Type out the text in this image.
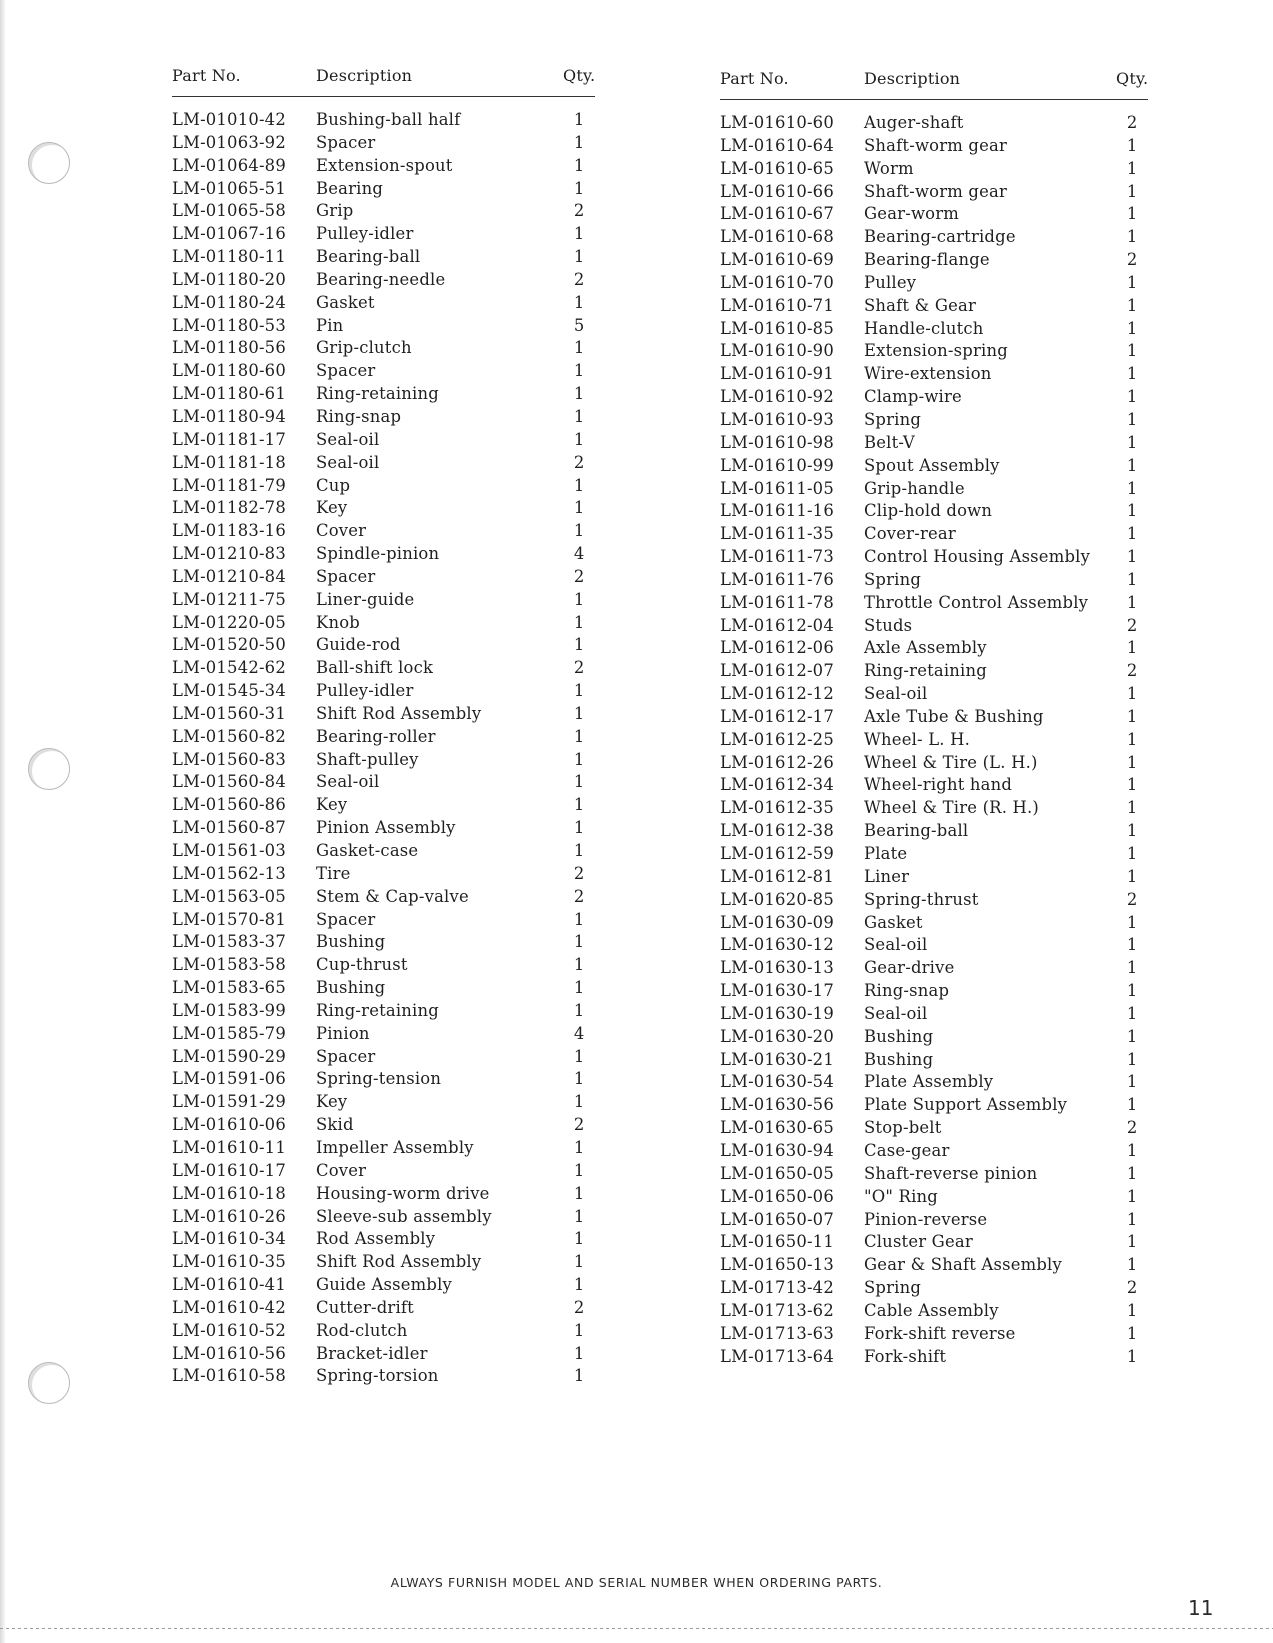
Part No.	Description	Qty.

LM-01010-42	Bushing-ball half	1
LM-01063-92	Spacer	1
LM-01064-89	Extension-spout	1
LM-01065-51	Bearing	1
LM-01065-58	Grip	2
LM-01067-16	Pulley-idler	1
LM-01180-11	Bearing-ball	1
LM-01180-20	Bearing-needle	2
LM-01180-24	Gasket	1
LM-01180-53	Pin	5
LM-01180-56	Grip-clutch	1
LM-01180-60	Spacer	1
LM-01180-61	Ring-retaining	1
LM-01180-94	Ring-snap	1
LM-01181-17	Seal-oil	1
LM-01181-18	Seal-oil	2
LM-01181-79	Cup	1
LM-01182-78	Key	1
LM-01183-16	Cover	1
LM-01210-83	Spindle-pinion	4
LM-01210-84	Spacer	2
LM-01211-75	Liner-guide	1
LM-01220-05	Knob	1
LM-01520-50	Guide-rod	1
LM-01542-62	Ball-shift lock	2
LM-01545-34	Pulley-idler	1
LM-01560-31	Shift Rod Assembly	1
LM-01560-82	Bearing-roller	1
LM-01560-83	Shaft-pulley	1
LM-01560-84	Seal-oil	1
LM-01560-86	Key	1
LM-01560-87	Pinion Assembly	1
LM-01561-03	Gasket-case	1
LM-01562-13	Tire	2
LM-01563-05	Stem & Cap-valve	2
LM-01570-81	Spacer	1
LM-01583-37	Bushing	1
LM-01583-58	Cup-thrust	1
LM-01583-65	Bushing	1
LM-01583-99	Ring-retaining	1
LM-01585-79	Pinion	4
LM-01590-29	Spacer	1
LM-01591-06	Spring-tension	1
LM-01591-29	Key	1
LM-01610-06	Skid	2
LM-01610-11	Impeller Assembly	1
LM-01610-17	Cover	1
LM-01610-18	Housing-worm drive	1
LM-01610-26	Sleeve-sub assembly	1
LM-01610-34	Rod Assembly	1
LM-01610-35	Shift Rod Assembly	1
LM-01610-41	Guide Assembly	1
LM-01610-42	Cutter-drift	2
LM-01610-52	Rod-clutch	1
LM-01610-56	Bracket-idler	1
LM-01610-58	Spring-torsion	1
Part No.	Description	Qty.

LM-01610-60	Auger-shaft	2
LM-01610-64	Shaft-worm gear	1
LM-01610-65	Worm	1
LM-01610-66	Shaft-worm gear	1
LM-01610-67	Gear-worm	1
LM-01610-68	Bearing-cartridge	1
LM-01610-69	Bearing-flange	2
LM-01610-70	Pulley	1
LM-01610-71	Shaft & Gear	1
LM-01610-85	Handle-clutch	1
LM-01610-90	Extension-spring	1
LM-01610-91	Wire-extension	1
LM-01610-92	Clamp-wire	1
LM-01610-93	Spring	1
LM-01610-98	Belt-V	1
LM-01610-99	Spout Assembly	1
LM-01611-05	Grip-handle	1
LM-01611-16	Clip-hold down	1
LM-01611-35	Cover-rear	1
LM-01611-73	Control Housing Assembly	1
LM-01611-76	Spring	1
LM-01611-78	Throttle Control Assembly	1
LM-01612-04	Studs	2
LM-01612-06	Axle Assembly	1
LM-01612-07	Ring-retaining	2
LM-01612-12	Seal-oil	1
LM-01612-17	Axle Tube & Bushing	1
LM-01612-25	Wheel- L. H.	1
LM-01612-26	Wheel & Tire (L. H.)	1
LM-01612-34	Wheel-right hand	1
LM-01612-35	Wheel & Tire (R. H.)	1
LM-01612-38	Bearing-ball	1
LM-01612-59	Plate	1
LM-01612-81	Liner	1
LM-01620-85	Spring-thrust	2
LM-01630-09	Gasket	1
LM-01630-12	Seal-oil	1
LM-01630-13	Gear-drive	1
LM-01630-17	Ring-snap	1
LM-01630-19	Seal-oil	1
LM-01630-20	Bushing	1
LM-01630-21	Bushing	1
LM-01630-54	Plate Assembly	1
LM-01630-56	Plate Support Assembly	1
LM-01630-65	Stop-belt	2
LM-01630-94	Case-gear	1
LM-01650-05	Shaft-reverse pinion	1
LM-01650-06	"O" Ring	1
LM-01650-07	Pinion-reverse	1
LM-01650-11	Cluster Gear	1
LM-01650-13	Gear & Shaft Assembly	1
LM-01713-42	Spring	2
LM-01713-62	Cable Assembly	1
LM-01713-63	Fork-shift reverse	1
LM-01713-64	Fork-shift	1
ALWAYS FURNISH MODEL AND SERIAL NUMBER WHEN ORDERING PARTS.
11
